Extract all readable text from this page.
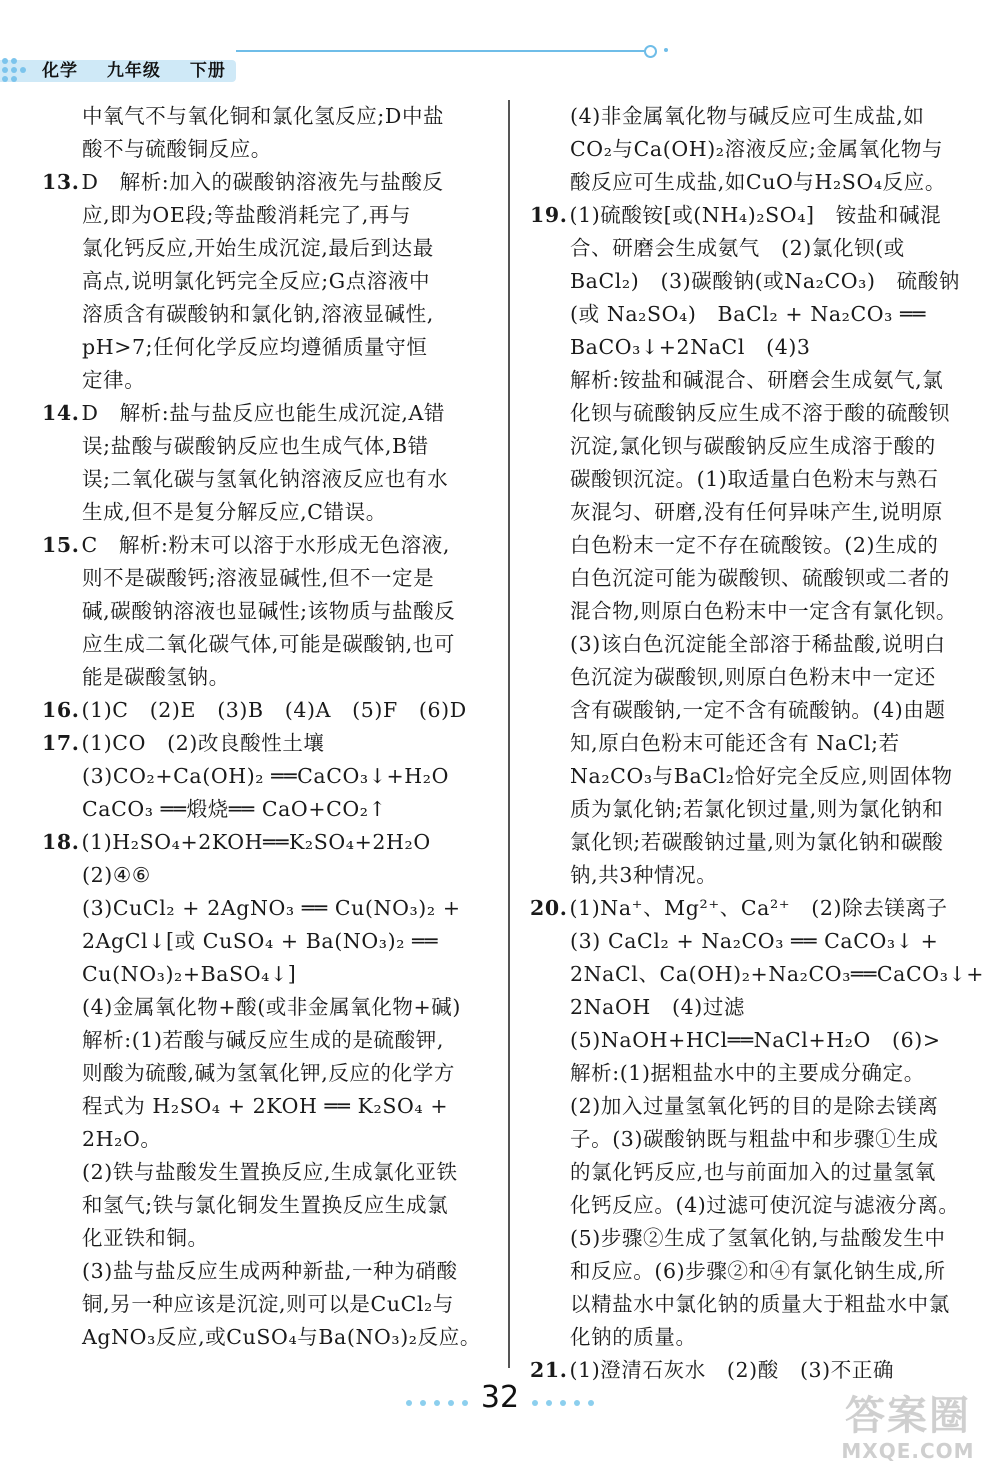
化学 九年级 下册
中氧气不与氧化铜和氯化氢反应;D中盐
酸不与硫酸铜反应。
13.D　解析:加入的碳酸钠溶液先与盐酸反
应,即为OE段;等盐酸消耗完了,再与
氯化钙反应,开始生成沉淀,最后到达最
高点,说明氯化钙完全反应;G点溶液中
溶质含有碳酸钠和氯化钠,溶液显碱性,
pH>7;任何化学反应均遵循质量守恒
定律。
14.D　解析:盐与盐反应也能生成沉淀,A错
误;盐酸与碳酸钠反应也生成气体,B错
误;二氧化碳与氢氧化钠溶液反应也有水
生成,但不是复分解反应,C错误。
15.C　解析:粉末可以溶于水形成无色溶液,
则不是碳酸钙;溶液显碱性,但不一定是
碱,碳酸钠溶液也显碱性;该物质与盐酸反
应生成二氧化碳气体,可能是碳酸钠,也可
能是碳酸氢钠。
16.(1)C　(2)E　(3)B　(4)A　(5)F　(6)D
17.(1)CO　(2)改良酸性土壤
(3)CO₂+Ca(OH)₂ ══CaCO₃↓+H₂O
CaCO₃ ══煅烧══ CaO+CO₂↑
18.(1)H₂SO₄+2KOH══K₂SO₄+2H₂O
(2)④⑥
(3)CuCl₂ + 2AgNO₃ ══ Cu(NO₃)₂ +
2AgCl↓[或 CuSO₄ + Ba(NO₃)₂ ══
Cu(NO₃)₂+BaSO₄↓]
(4)金属氧化物+酸(或非金属氧化物+碱)
解析:(1)若酸与碱反应生成的是硫酸钾,
则酸为硫酸,碱为氢氧化钾,反应的化学方
程式为 H₂SO₄ + 2KOH ══ K₂SO₄ +
2H₂O。
(2)铁与盐酸发生置换反应,生成氯化亚铁
和氢气;铁与氯化铜发生置换反应生成氯
化亚铁和铜。
(3)盐与盐反应生成两种新盐,一种为硝酸
铜,另一种应该是沉淀,则可以是CuCl₂与
AgNO₃反应,或CuSO₄与Ba(NO₃)₂反应。
(4)非金属氧化物与碱反应可生成盐,如
CO₂与Ca(OH)₂溶液反应;金属氧化物与
酸反应可生成盐,如CuO与H₂SO₄反应。
19.(1)硫酸铵[或(NH₄)₂SO₄]　铵盐和碱混
合、研磨会生成氨气　(2)氯化钡(或
BaCl₂)　(3)碳酸钠(或Na₂CO₃)　硫酸钠
(或 Na₂SO₄)　BaCl₂ + Na₂CO₃ ══
BaCO₃↓+2NaCl　(4)3
解析:铵盐和碱混合、研磨会生成氨气,氯
化钡与硫酸钠反应生成不溶于酸的硫酸钡
沉淀,氯化钡与碳酸钠反应生成溶于酸的
碳酸钡沉淀。(1)取适量白色粉末与熟石
灰混匀、研磨,没有任何异味产生,说明原
白色粉末一定不存在硫酸铵。(2)生成的
白色沉淀可能为碳酸钡、硫酸钡或二者的
混合物,则原白色粉末中一定含有氯化钡。
(3)该白色沉淀能全部溶于稀盐酸,说明白
色沉淀为碳酸钡,则原白色粉末中一定还
含有碳酸钠,一定不含有硫酸钠。(4)由题
知,原白色粉末可能还含有 NaCl;若
Na₂CO₃与BaCl₂恰好完全反应,则固体物
质为氯化钠;若氯化钡过量,则为氯化钠和
氯化钡;若碳酸钠过量,则为氯化钠和碳酸
钠,共3种情况。
20.(1)Na⁺、Mg²⁺、Ca²⁺　(2)除去镁离子
(3) CaCl₂ + Na₂CO₃ ══ CaCO₃↓ +
2NaCl、Ca(OH)₂+Na₂CO₃══CaCO₃↓+
2NaOH　(4)过滤
(5)NaOH+HCl══NaCl+H₂O　(6)>
解析:(1)据粗盐水中的主要成分确定。
(2)加入过量氢氧化钙的目的是除去镁离
子。(3)碳酸钠既与粗盐中和步骤①生成
的氯化钙反应,也与前面加入的过量氢氧
化钙反应。(4)过滤可使沉淀与滤液分离。
(5)步骤②生成了氢氧化钠,与盐酸发生中
和反应。(6)步骤②和④有氯化钠生成,所
以精盐水中氯化钠的质量大于粗盐水中氯
化钠的质量。
21.(1)澄清石灰水　(2)酸　(3)不正确
32	答案圈
MXQE.COM
